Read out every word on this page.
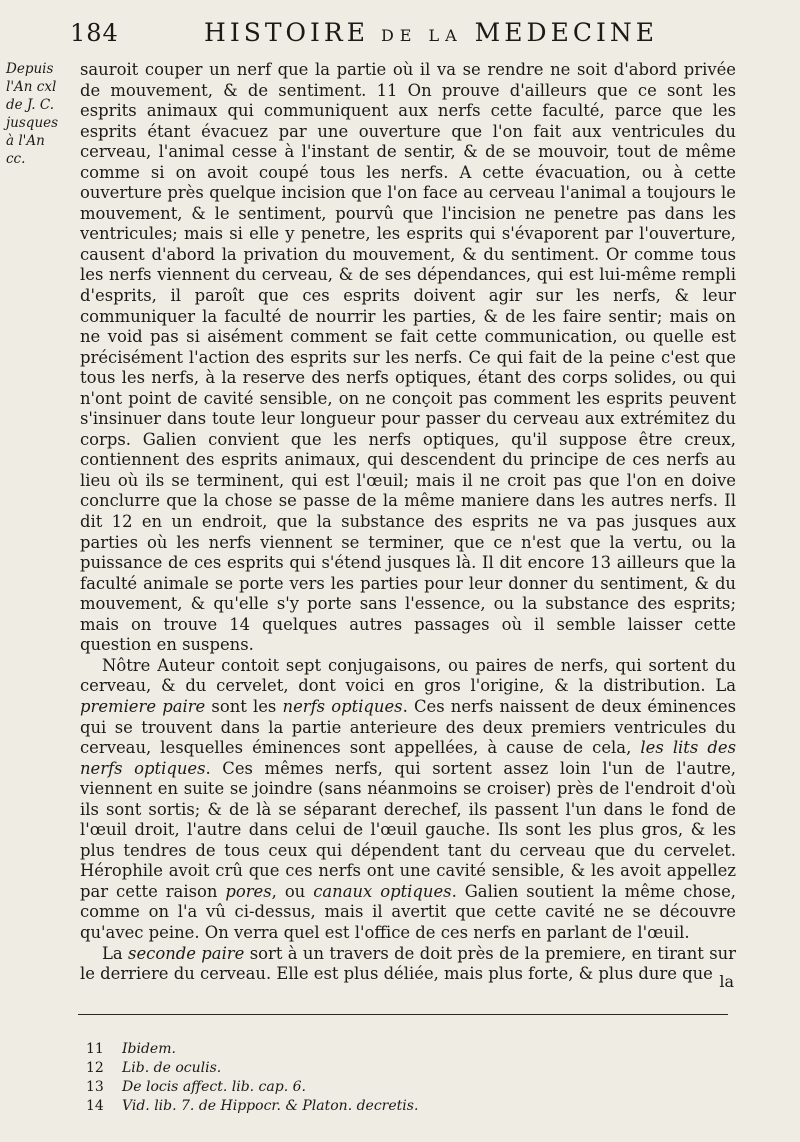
184	HISTOIRE DE LA MEDECINE
Depuis
l'An cxl
de J. C.
jusques
à l'An
cc.

sauroit couper un nerf que la partie où il va se rendre ne soit d'abord privée de mouvement, & de sentiment. 11 On prouve d'ailleurs que ce sont les esprits animaux qui communiquent aux nerfs cette faculté, parce que les esprits étant évacuez par une ouverture que l'on fait aux ventricules du cerveau, l'animal cesse à l'instant de sentir, & de se mouvoir, tout de même comme si on avoit coupé tous les nerfs. A cette évacuation, ou à cette ouverture près quelque incision que l'on face au cerveau l'animal a toujours le mouvement, & le sentiment, pourvû que l'incision ne penetre pas dans les ventricules; mais si elle y penetre, les esprits qui s'évaporent par l'ouverture, causent d'abord la privation du mouvement, & du sentiment. Or comme tous les nerfs viennent du cerveau, & de ses dépendances, qui est lui-même rempli d'esprits, il paroît que ces esprits doivent agir sur les nerfs, & leur communiquer la faculté de nourrir les parties, & de les faire sentir; mais on ne void pas si aisément comment se fait cette communication, ou quelle est précisément l'action des esprits sur les nerfs. Ce qui fait de la peine c'est que tous les nerfs, à la reserve des nerfs optiques, étant des corps solides, ou qui n'ont point de cavité sensible, on ne conçoit pas comment les esprits peuvent s'insinuer dans toute leur longueur pour passer du cerveau aux extrémitez du corps. Galien convient que les nerfs optiques, qu'il suppose être creux, contiennent des esprits animaux, qui descendent du principe de ces nerfs au lieu où ils se terminent, qui est l'œuil; mais il ne croit pas que l'on en doive conclurre que la chose se passe de la même maniere dans les autres nerfs. Il dit 12 en un endroit, que la substance des esprits ne va pas jusques aux parties où les nerfs viennent se terminer, que ce n'est que la vertu, ou la puissance de ces esprits qui s'étend jusques là. Il dit encore 13 ailleurs que la faculté animale se porte vers les parties pour leur donner du sentiment, & du mouvement, & qu'elle s'y porte sans l'essence, ou la substance des esprits; mais on trouve 14 quelques autres passages où il semble laisser cette question en suspens.

Nôtre Auteur contoit sept conjugaisons, ou paires de nerfs, qui sortent du cerveau, & du cervelet, dont voici en gros l'origine, & la distribution. La premiere paire sont les nerfs optiques. Ces nerfs naissent de deux éminences qui se trouvent dans la partie anterieure des deux premiers ventricules du cerveau, lesquelles éminences sont appellées, à cause de cela, les lits des nerfs optiques. Ces mêmes nerfs, qui sortent assez loin l'un de l'autre, viennent en suite se joindre (sans néanmoins se croiser) près de l'endroit d'où ils sont sortis; & de là se séparant derechef, ils passent l'un dans le fond de l'œuil droit, l'autre dans celui de l'œuil gauche. Ils sont les plus gros, & les plus tendres de tous ceux qui dépendent tant du cerveau que du cervelet. Hérophile avoit crû que ces nerfs ont une cavité sensible, & les avoit appellez par cette raison pores, ou canaux optiques. Galien soutient la même chose, comme on l'a vû ci-dessus, mais il avertit que cette cavité ne se découvre qu'avec peine. On verra quel est l'office de ces nerfs en parlant de l'œuil.

La seconde paire sort à un travers de doit près de la premiere, en tirant sur le derriere du cerveau. Elle est plus déliée, mais plus forte, & plus dure que la
11 Ibidem.
12 Lib. de oculis.
13 De locis affect. lib. cap. 6.
14 Vid. lib. 7. de Hippocr. & Platon. decretis.
